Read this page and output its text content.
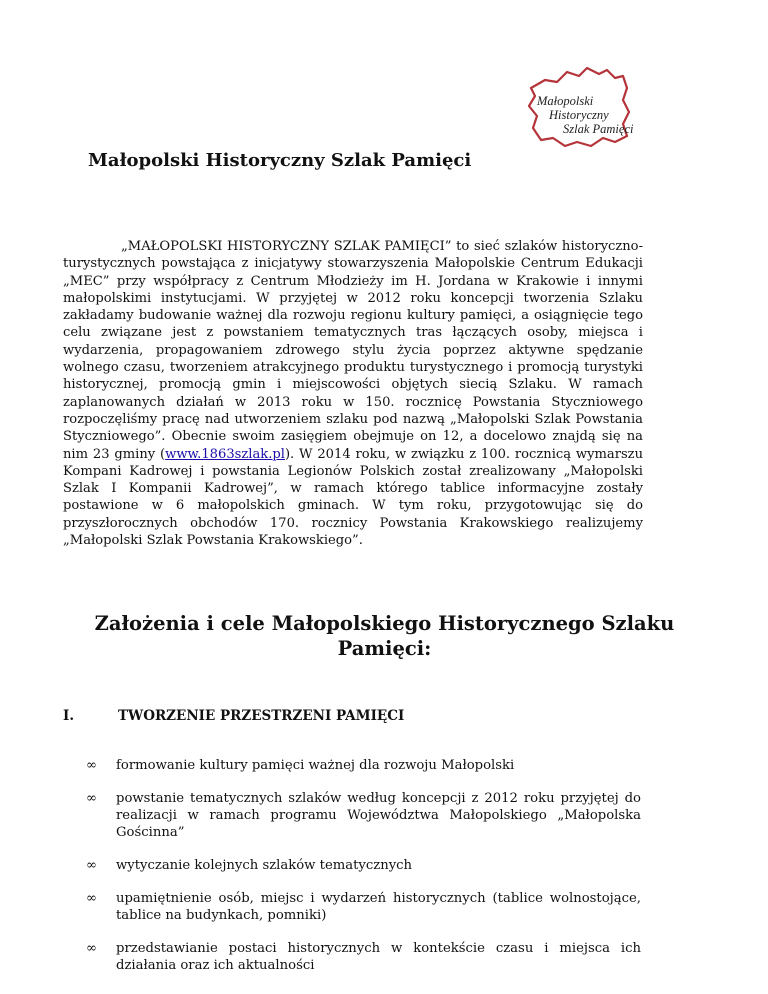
Małopolski
Historyczny
Szlak Pamięci
Małopolski Historyczny Szlak Pamięci

„MAŁOPOLSKI HISTORYCZNY SZLAK PAMIĘCI” to sieć szlaków historyczno-turystycznych powstająca z inicjatywy stowarzyszenia Małopolskie Centrum Edukacji „MEC” przy współpracy z Centrum Młodzieży im H. Jordana w Krakowie i innymi małopolskimi instytucjami. W przyjętej w 2012 roku koncepcji tworzenia Szlaku zakładamy budowanie ważnej dla rozwoju regionu kultury pamięci, a osiągnięcie tego celu związane jest z powstaniem tematycznych tras łączących osoby, miejsca i wydarzenia, propagowaniem zdrowego stylu życia poprzez aktywne spędzanie wolnego czasu, tworzeniem atrakcyjnego produktu turystycznego i promocją turystyki historycznej, promocją gmin i miejscowości objętych siecią Szlaku. W ramach zaplanowanych działań w 2013 roku w 150. rocznicę Powstania Styczniowego rozpoczęliśmy pracę nad utworzeniem szlaku pod nazwą „Małopolski Szlak Powstania Styczniowego”. Obecnie swoim zasięgiem obejmuje on 12, a docelowo znajdą się na nim 23 gminy (www.1863szlak.pl). W 2014 roku, w związku z 100. rocznicą wymarszu Kompani Kadrowej i powstania Legionów Polskich został zrealizowany „Małopolski Szlak I Kompanii Kadrowej”, w ramach którego tablice informacyjne zostały postawione w 6 małopolskich gminach. W tym roku, przygotowując się do przyszłorocznych obchodów 170. rocznicy Powstania Krakowskiego realizujemy „Małopolski Szlak Powstania Krakowskiego”.

Założenia i cele Małopolskiego Historycznego Szlaku Pamięci:
I.	TWORZENIE PRZESTRZENI PAMIĘCI
∞ formowanie kultury pamięci ważnej dla rozwoju Małopolski
∞ powstanie tematycznych szlaków według koncepcji z 2012 roku przyjętej do realizacji w ramach programu Województwa Małopolskiego „Małopolska Gościnna”
∞ wytyczanie kolejnych szlaków tematycznych
∞ upamiętnienie osób, miejsc i wydarzeń historycznych (tablice wolnostojące, tablice na budynkach, pomniki)
∞ przedstawianie postaci historycznych w kontekście czasu i miejsca ich działania oraz ich aktualności
